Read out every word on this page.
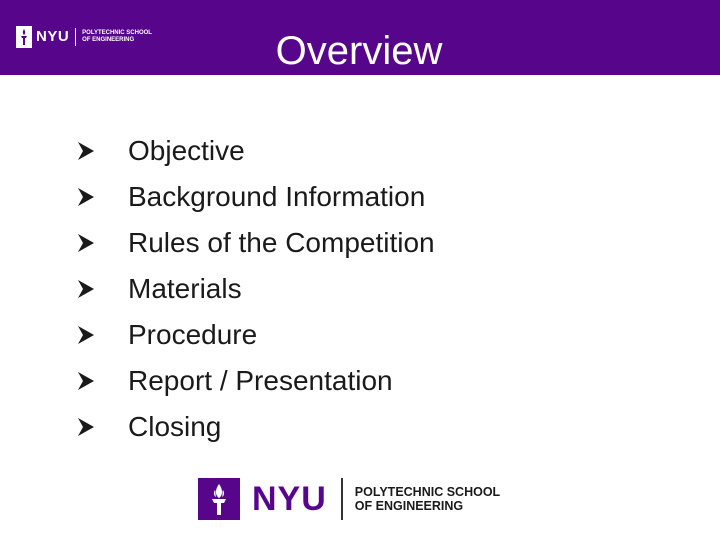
NYU	POLYTECHNIC SCHOOL
OF ENGINEERING	Overview
Objective
Background Information
Rules of the Competition
Materials
Procedure
Report / Presentation
Closing
NYU	POLYTECHNIC SCHOOL
OF ENGINEERING
